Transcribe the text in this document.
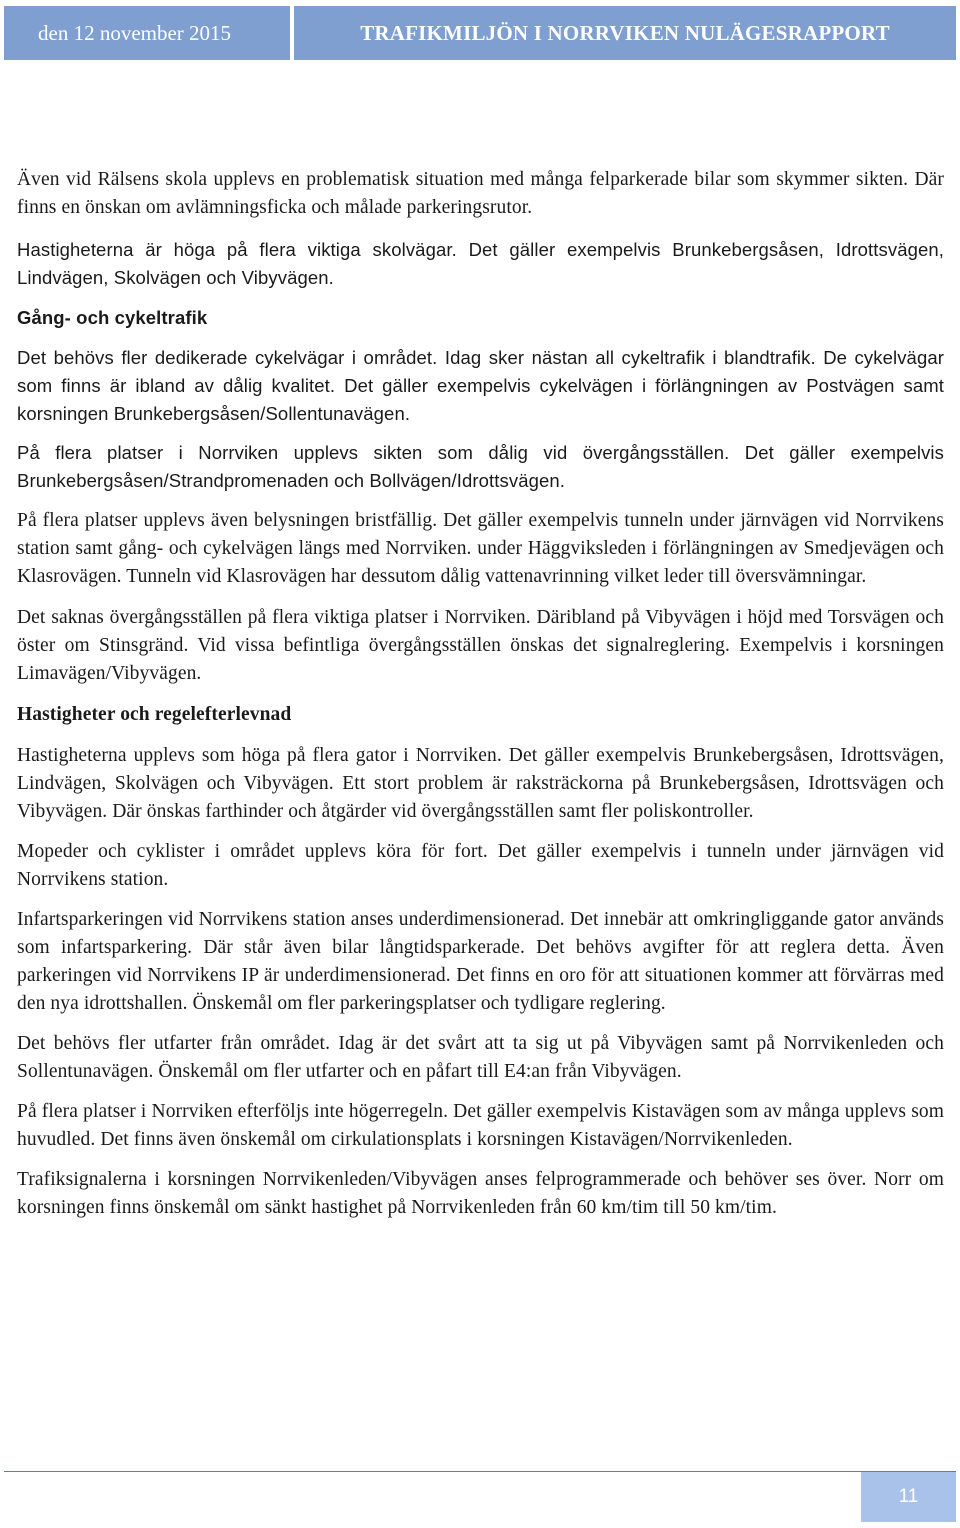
den 12 november 2015	TRAFIKMILJÖN I NORRVIKEN NULÄGESRAPPORT

Även vid Rälsens skola upplevs en problematisk situation med många felparkerade bilar som skymmer sikten. Där finns en önskan om avlämningsficka och målade parkeringsrutor.

Hastigheterna är höga på flera viktiga skolvägar. Det gäller exempelvis Brunkebergsåsen, Idrottsvägen, Lindvägen, Skolvägen och Vibyvägen.

Gång- och cykeltrafik

Det behövs fler dedikerade cykelvägar i området. Idag sker nästan all cykeltrafik i blandtrafik. De cykelvägar som finns är ibland av dålig kvalitet. Det gäller exempelvis cykelvägen i förlängningen av Postvägen samt korsningen Brunkebergsåsen/Sollentunavägen.

På flera platser i Norrviken upplevs sikten som dålig vid övergångsställen. Det gäller exempelvis Brunkebergsåsen/Strandpromenaden och Bollvägen/Idrottsvägen.

På flera platser upplevs även belysningen bristfällig. Det gäller exempelvis tunneln under järnvägen vid Norrvikens station samt gång- och cykelvägen längs med Norrviken. under Häggviksleden i förlängningen av Smedjevägen och Klasrovägen. Tunneln vid Klasrovägen har dessutom dålig vattenavrinning vilket leder till översvämningar.

Det saknas övergångsställen på flera viktiga platser i Norrviken. Däribland på Vibyvägen i höjd med Torsvägen och öster om Stinsgränd. Vid vissa befintliga övergångsställen önskas det signalreglering. Exempelvis i korsningen Limavägen/Vibyvägen.

Hastigheter och regelefterlevnad

Hastigheterna upplevs som höga på flera gator i Norrviken. Det gäller exempelvis Brunkebergsåsen, Idrottsvägen, Lindvägen, Skolvägen och Vibyvägen. Ett stort problem är raksträckorna på Brunkebergsåsen, Idrottsvägen och Vibyvägen. Där önskas farthinder och åtgärder vid övergångsställen samt fler poliskontroller.

Mopeder och cyklister i området upplevs köra för fort. Det gäller exempelvis i tunneln under järnvägen vid Norrvikens station.

Infartsparkeringen vid Norrvikens station anses underdimensionerad. Det innebär att omkringliggande gator används som infartsparkering. Där står även bilar långtidsparkerade. Det behövs avgifter för att reglera detta. Även parkeringen vid Norrvikens IP är underdimensionerad. Det finns en oro för att situationen kommer att förvärras med den nya idrottshallen. Önskemål om fler parkeringsplatser och tydligare reglering.

Det behövs fler utfarter från området. Idag är det svårt att ta sig ut på Vibyvägen samt på Norrvikenleden och Sollentunavägen. Önskemål om fler utfarter och en påfart till E4:an från Vibyvägen.

På flera platser i Norrviken efterföljs inte högerregeln. Det gäller exempelvis Kistavägen som av många upplevs som huvudled. Det finns även önskemål om cirkulationsplats i korsningen Kistavägen/Norrvikenleden.

Trafiksignalerna i korsningen Norrvikenleden/Vibyvägen anses felprogrammerade och behöver ses över. Norr om korsningen finns önskemål om sänkt hastighet på Norrvikenleden från 60 km/tim till 50 km/tim.

11
